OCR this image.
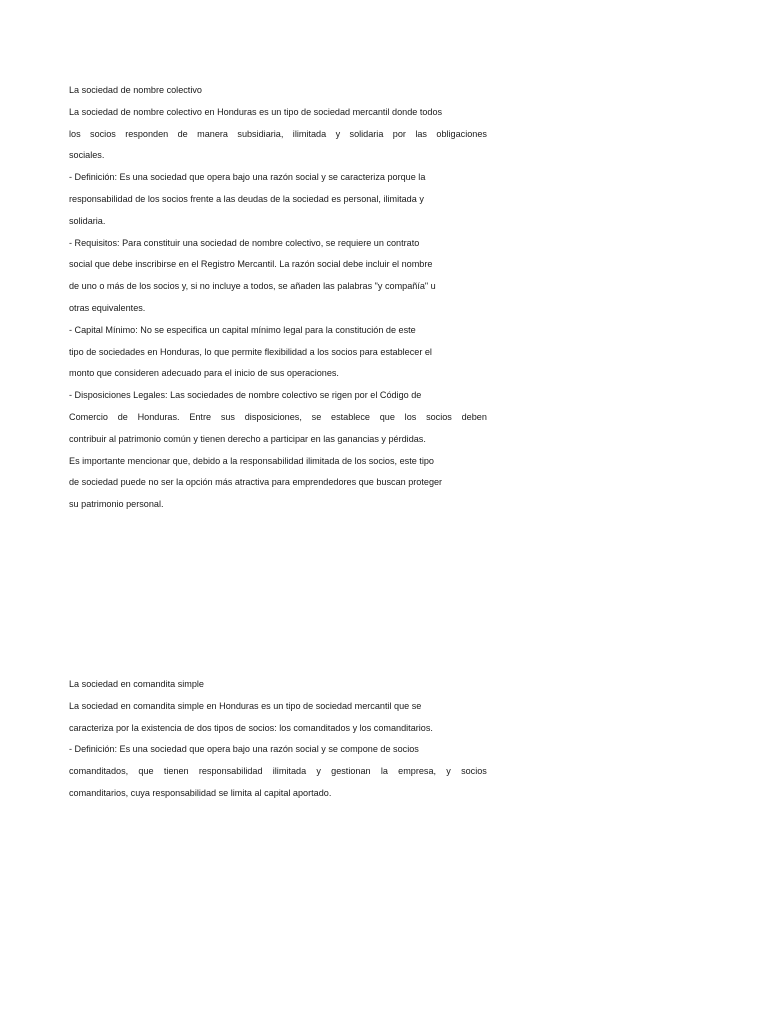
La sociedad de nombre colectivo

La sociedad de nombre colectivo en Honduras es un tipo de sociedad mercantil donde todos

los socios responden de manera subsidiaria, ilimitada y solidaria por las obligaciones

sociales.

- Definición: Es una sociedad que opera bajo una razón social y se caracteriza porque la

responsabilidad de los socios frente a las deudas de la sociedad es personal, ilimitada y

solidaria.

- Requisitos: Para constituir una sociedad de nombre colectivo, se requiere un contrato

social que debe inscribirse en el Registro Mercantil. La razón social debe incluir el nombre

de uno o más de los socios y, si no incluye a todos, se añaden las palabras "y compañía" u

otras equivalentes.

- Capital Mínimo: No se especifica un capital mínimo legal para la constitución de este

tipo de sociedades en Honduras, lo que permite flexibilidad a los socios para establecer el

monto que consideren adecuado para el inicio de sus operaciones.

- Disposiciones Legales: Las sociedades de nombre colectivo se rigen por el Código de

Comercio de Honduras. Entre sus disposiciones, se establece que los socios deben

contribuir al patrimonio común y tienen derecho a participar en las ganancias y pérdidas.

Es importante mencionar que, debido a la responsabilidad ilimitada de los socios, este tipo

de sociedad puede no ser la opción más atractiva para emprendedores que buscan proteger

su patrimonio personal.

La sociedad en comandita simple

La sociedad en comandita simple en Honduras es un tipo de sociedad mercantil que se

caracteriza por la existencia de dos tipos de socios: los comanditados y los comanditarios.

- Definición: Es una sociedad que opera bajo una razón social y se compone de socios

comanditados, que tienen responsabilidad ilimitada y gestionan la empresa, y socios

comanditarios, cuya responsabilidad se limita al capital aportado.
